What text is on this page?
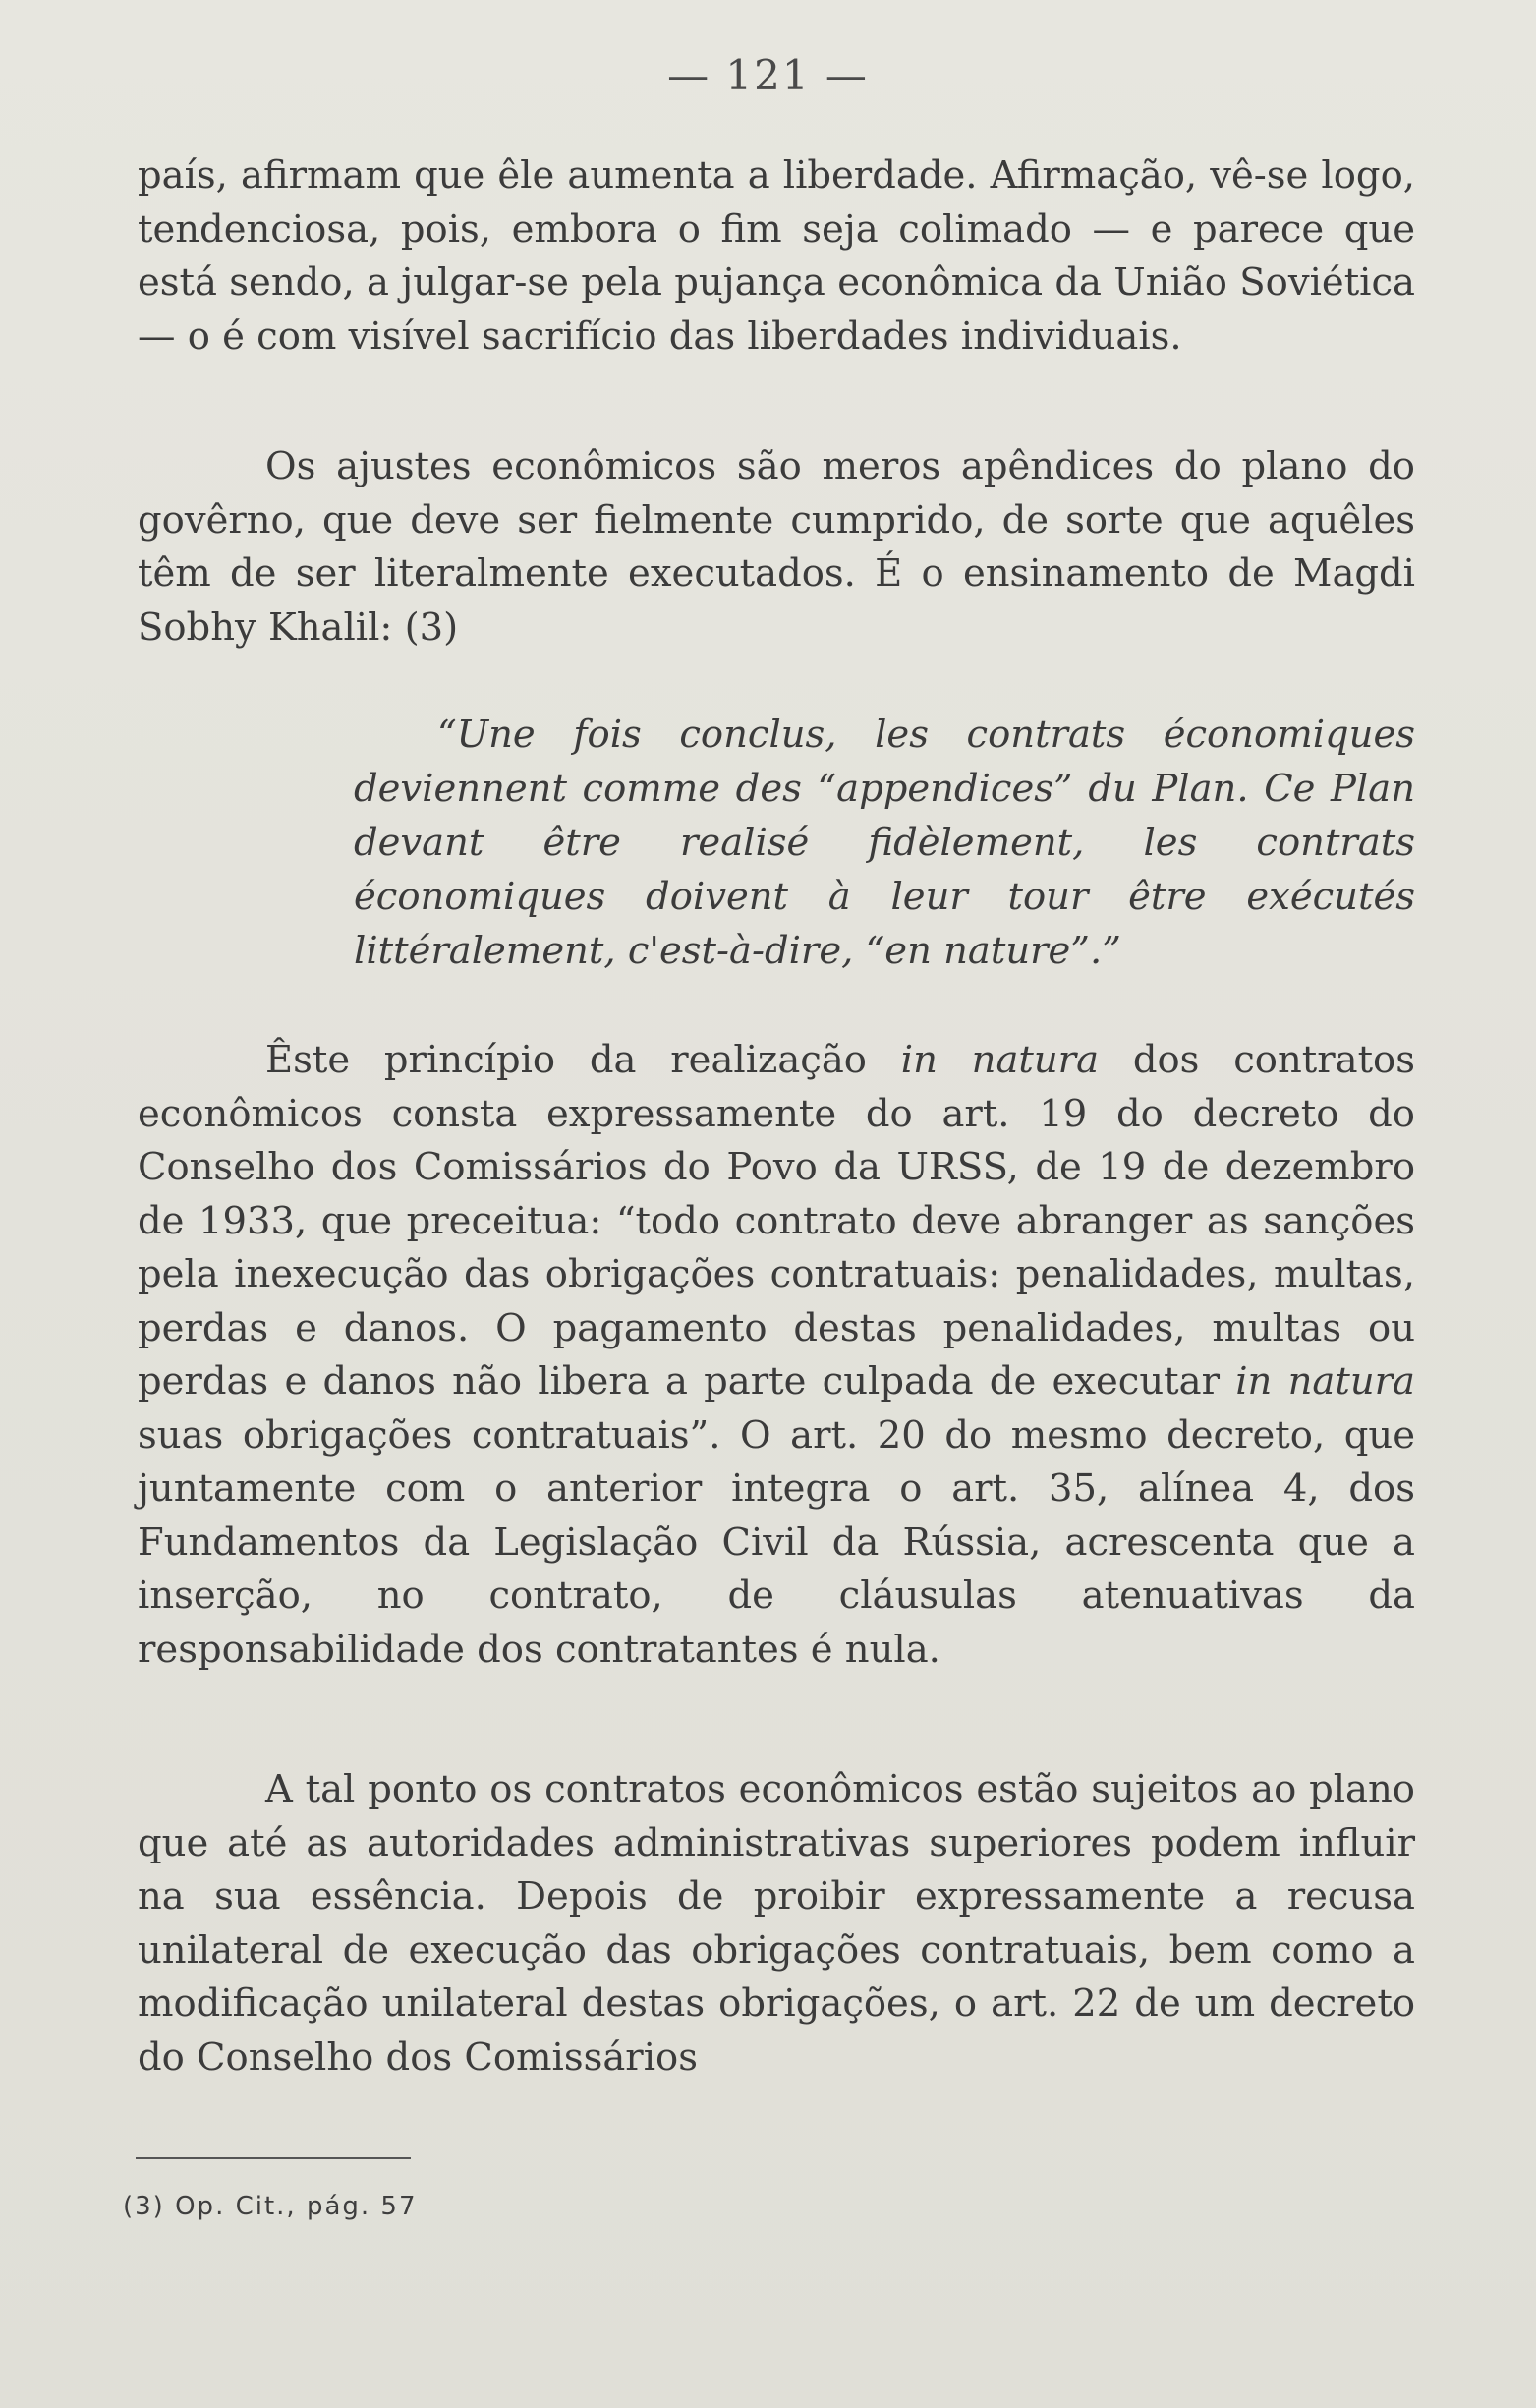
— 121 —

país, afirmam que êle aumenta a liberdade. Afirmação, vê-se logo, tendenciosa, pois, embora o fim seja colimado — e parece que está sendo, a julgar-se pela pujança econômica da União Soviética — o é com visível sacrifício das liberdades individuais.

Os ajustes econômicos são meros apêndices do plano do govêrno, que deve ser fielmente cumprido, de sorte que aquêles têm de ser literalmente executados. É o ensinamento de Magdi Sobhy Khalil: (3)

“Une fois conclus, les contrats économiques deviennent comme des “appendices” du Plan. Ce Plan devant être realisé fidèlement, les contrats économiques doivent à leur tour être exécutés littéralement, c'est-à-dire, “en nature”.”

Êste princípio da realização in natura dos contratos econômicos consta expressamente do art. 19 do decreto do Conselho dos Comissários do Povo da URSS, de 19 de dezembro de 1933, que preceitua: “todo contrato deve abranger as sanções pela inexecução das obrigações contratuais: penalidades, multas, perdas e danos. O pagamento destas penalidades, multas ou perdas e danos não libera a parte culpada de executar in natura suas obrigações contratuais”. O art. 20 do mesmo decreto, que juntamente com o anterior integra o art. 35, alínea 4, dos Fundamentos da Legislação Civil da Rússia, acrescenta que a inserção, no contrato, de cláusulas atenuativas da responsabilidade dos contratantes é nula.

A tal ponto os contratos econômicos estão sujeitos ao plano que até as autoridades administrativas superiores podem influir na sua essência. Depois de proibir expressamente a recusa unilateral de execução das obrigações contratuais, bem como a modificação unilateral destas obrigações, o art. 22 de um decreto do Conselho dos Comissários

(3) Op. Cit., pág. 57
